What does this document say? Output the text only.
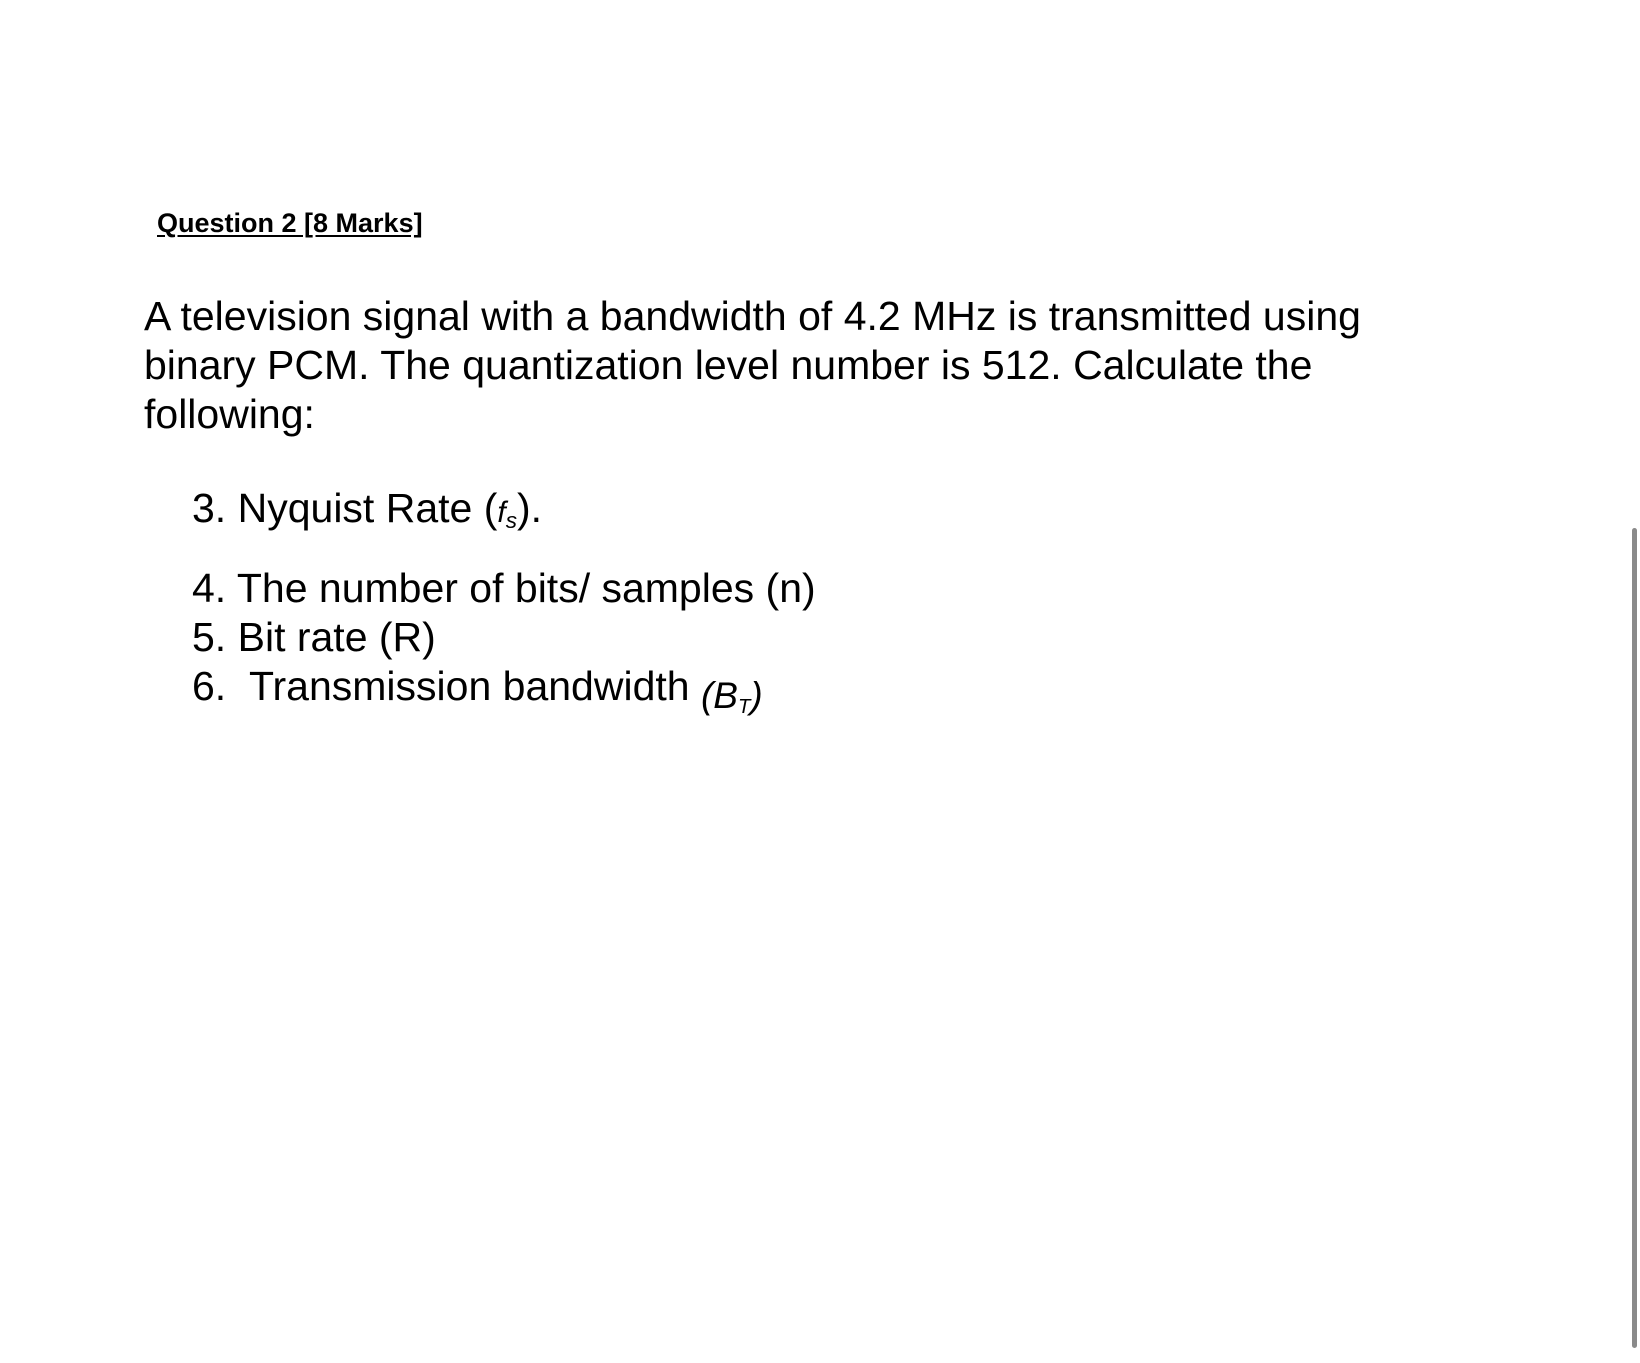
Question 2 [8 Marks]

A television signal with a bandwidth of 4.2 MHz is transmitted using binary PCM. The quantization level number is 512. Calculate the following:

3. Nyquist Rate (fs).
4. The number of bits/ samples (n)
5. Bit rate (R)
6. Transmission bandwidth (BT)
